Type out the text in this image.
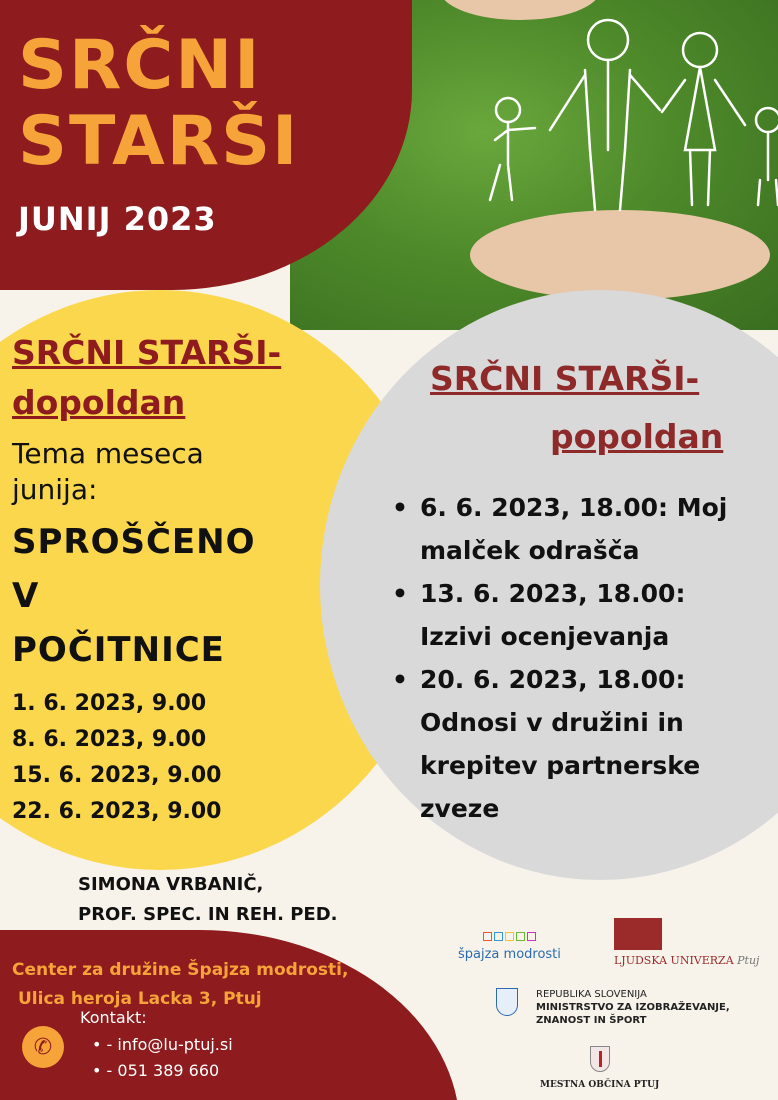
SRČNI
STARŠI
JUNIJ 2023
SRČNI STARŠI-
dopoldan
Tema meseca
junija:
SPROŠČENO
V
POČITNICE
1. 6. 2023, 9.00
8. 6. 2023, 9.00
15. 6. 2023, 9.00
22. 6. 2023, 9.00
SRČNI STARŠI-
popoldan
• 6. 6. 2023, 18.00: Moj malček odrašča
• 13. 6. 2023, 18.00: Izzivi ocenjevanja
• 20. 6. 2023, 18.00: Odnosi v družini in krepitev partnerske zveze
SIMONA VRBANIČ,
PROF. SPEC. IN REH. PED.
Center za družine Špajza modrosti,
Ulica heroja Lacka 3, Ptuj
Kontakt:
✆
•	- info@lu-ptuj.si
• - 051 389 660
špajza modrosti	LJUDSKA UNIVERZA Ptuj
REPUBLIKA SLOVENIJA
MINISTRSTVO ZA IZOBRAŽEVANJE,
ZNANOST IN ŠPORT
MESTNA OBČINA PTUJ
